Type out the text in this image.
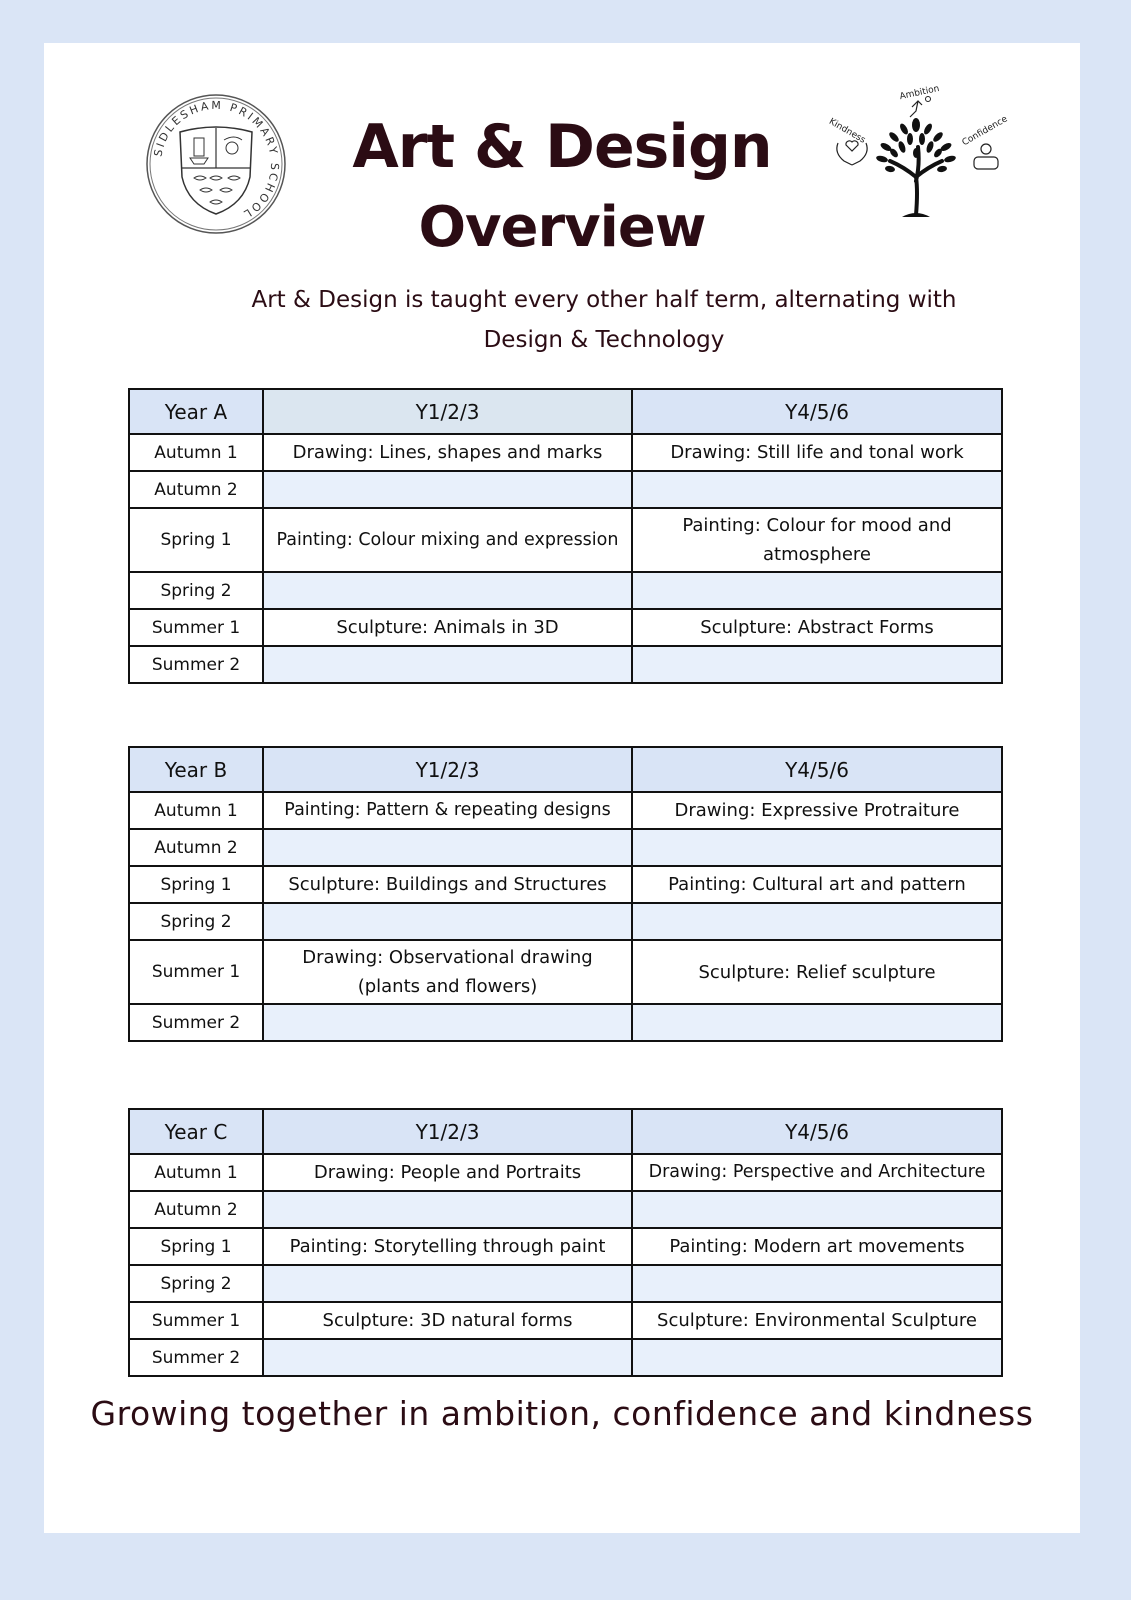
SIDLESHAM PRIMARY SCHOOL
Ambition
Kindness	Confidence
Art & Design
Overview
Art & Design is taught every other half term, alternating with
Design & Technology
Year A	Y1/2/3	Y4/5/6
Autumn 1	Drawing: Lines, shapes and marks	Drawing: Still life and tonal work
Autumn 2		
Spring 1	Painting: Colour mixing and expression	Painting: Colour for mood and atmosphere
Spring 2		
Summer 1	Sculpture: Animals in 3D	Sculpture: Abstract Forms
Summer 2		
Year B	Y1/2/3	Y4/5/6
Autumn 1	Painting: Pattern & repeating designs	Drawing: Expressive Protraiture
Autumn 2		
Spring 1	Sculpture: Buildings and Structures	Painting: Cultural art and pattern
Spring 2		
Summer 1	Drawing: Observational drawing (plants and flowers)	Sculpture: Relief sculpture
Summer 2		
Year C	Y1/2/3	Y4/5/6
Autumn 1	Drawing: People and Portraits	Drawing: Perspective and Architecture
Autumn 2		
Spring 1	Painting: Storytelling through paint	Painting: Modern art movements
Spring 2		
Summer 1	Sculpture: 3D natural forms	Sculpture: Environmental Sculpture
Summer 2		
Growing together in ambition, confidence and kindness
